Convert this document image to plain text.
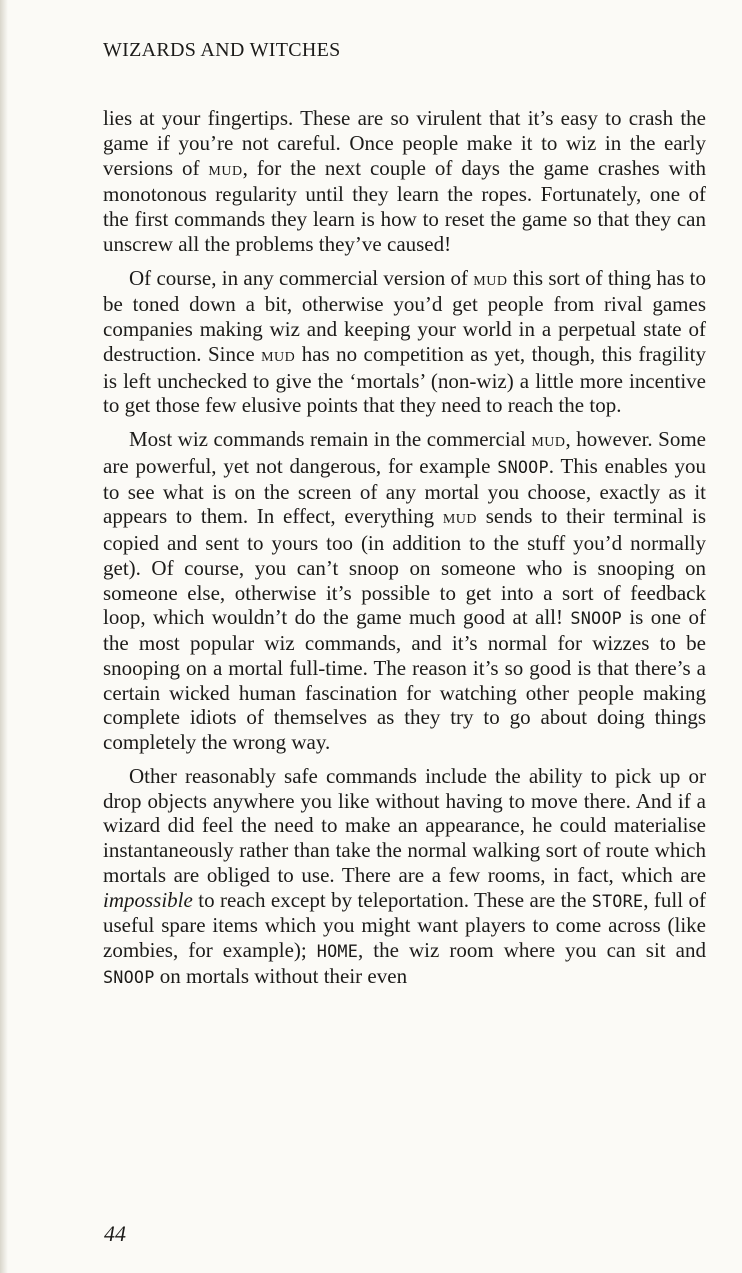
WIZARDS AND WITCHES

lies at your fingertips. These are so virulent that it’s easy to crash the game if you’re not careful. Once people make it to wiz in the early versions of mud, for the next couple of days the game crashes with monotonous regularity until they learn the ropes. Fortunately, one of the first commands they learn is how to reset the game so that they can unscrew all the problems they’ve caused!

Of course, in any commercial version of mud this sort of thing has to be toned down a bit, otherwise you’d get people from rival games companies making wiz and keeping your world in a perpetual state of destruction. Since mud has no competition as yet, though, this fragility is left unchecked to give the ‘mortals’ (non-wiz) a little more incentive to get those few elusive points that they need to reach the top.

Most wiz commands remain in the commercial mud, however. Some are powerful, yet not dangerous, for example SNOOP. This enables you to see what is on the screen of any mortal you choose, exactly as it appears to them. In effect, everything mud sends to their terminal is copied and sent to yours too (in addition to the stuff you’d normally get). Of course, you can’t snoop on someone who is snooping on someone else, otherwise it’s possible to get into a sort of feedback loop, which wouldn’t do the game much good at all! SNOOP is one of the most popular wiz commands, and it’s normal for wizzes to be snooping on a mortal full-time. The reason it’s so good is that there’s a certain wicked human fascination for watching other people making complete idiots of themselves as they try to go about doing things completely the wrong way.

Other reasonably safe commands include the ability to pick up or drop objects anywhere you like without having to move there. And if a wizard did feel the need to make an appearance, he could materialise instantaneously rather than take the normal walking sort of route which mortals are obliged to use. There are a few rooms, in fact, which are impossible to reach except by teleportation. These are the STORE, full of useful spare items which you might want players to come across (like zombies, for example); HOME, the wiz room where you can sit and SNOOP on mortals without their even

44
